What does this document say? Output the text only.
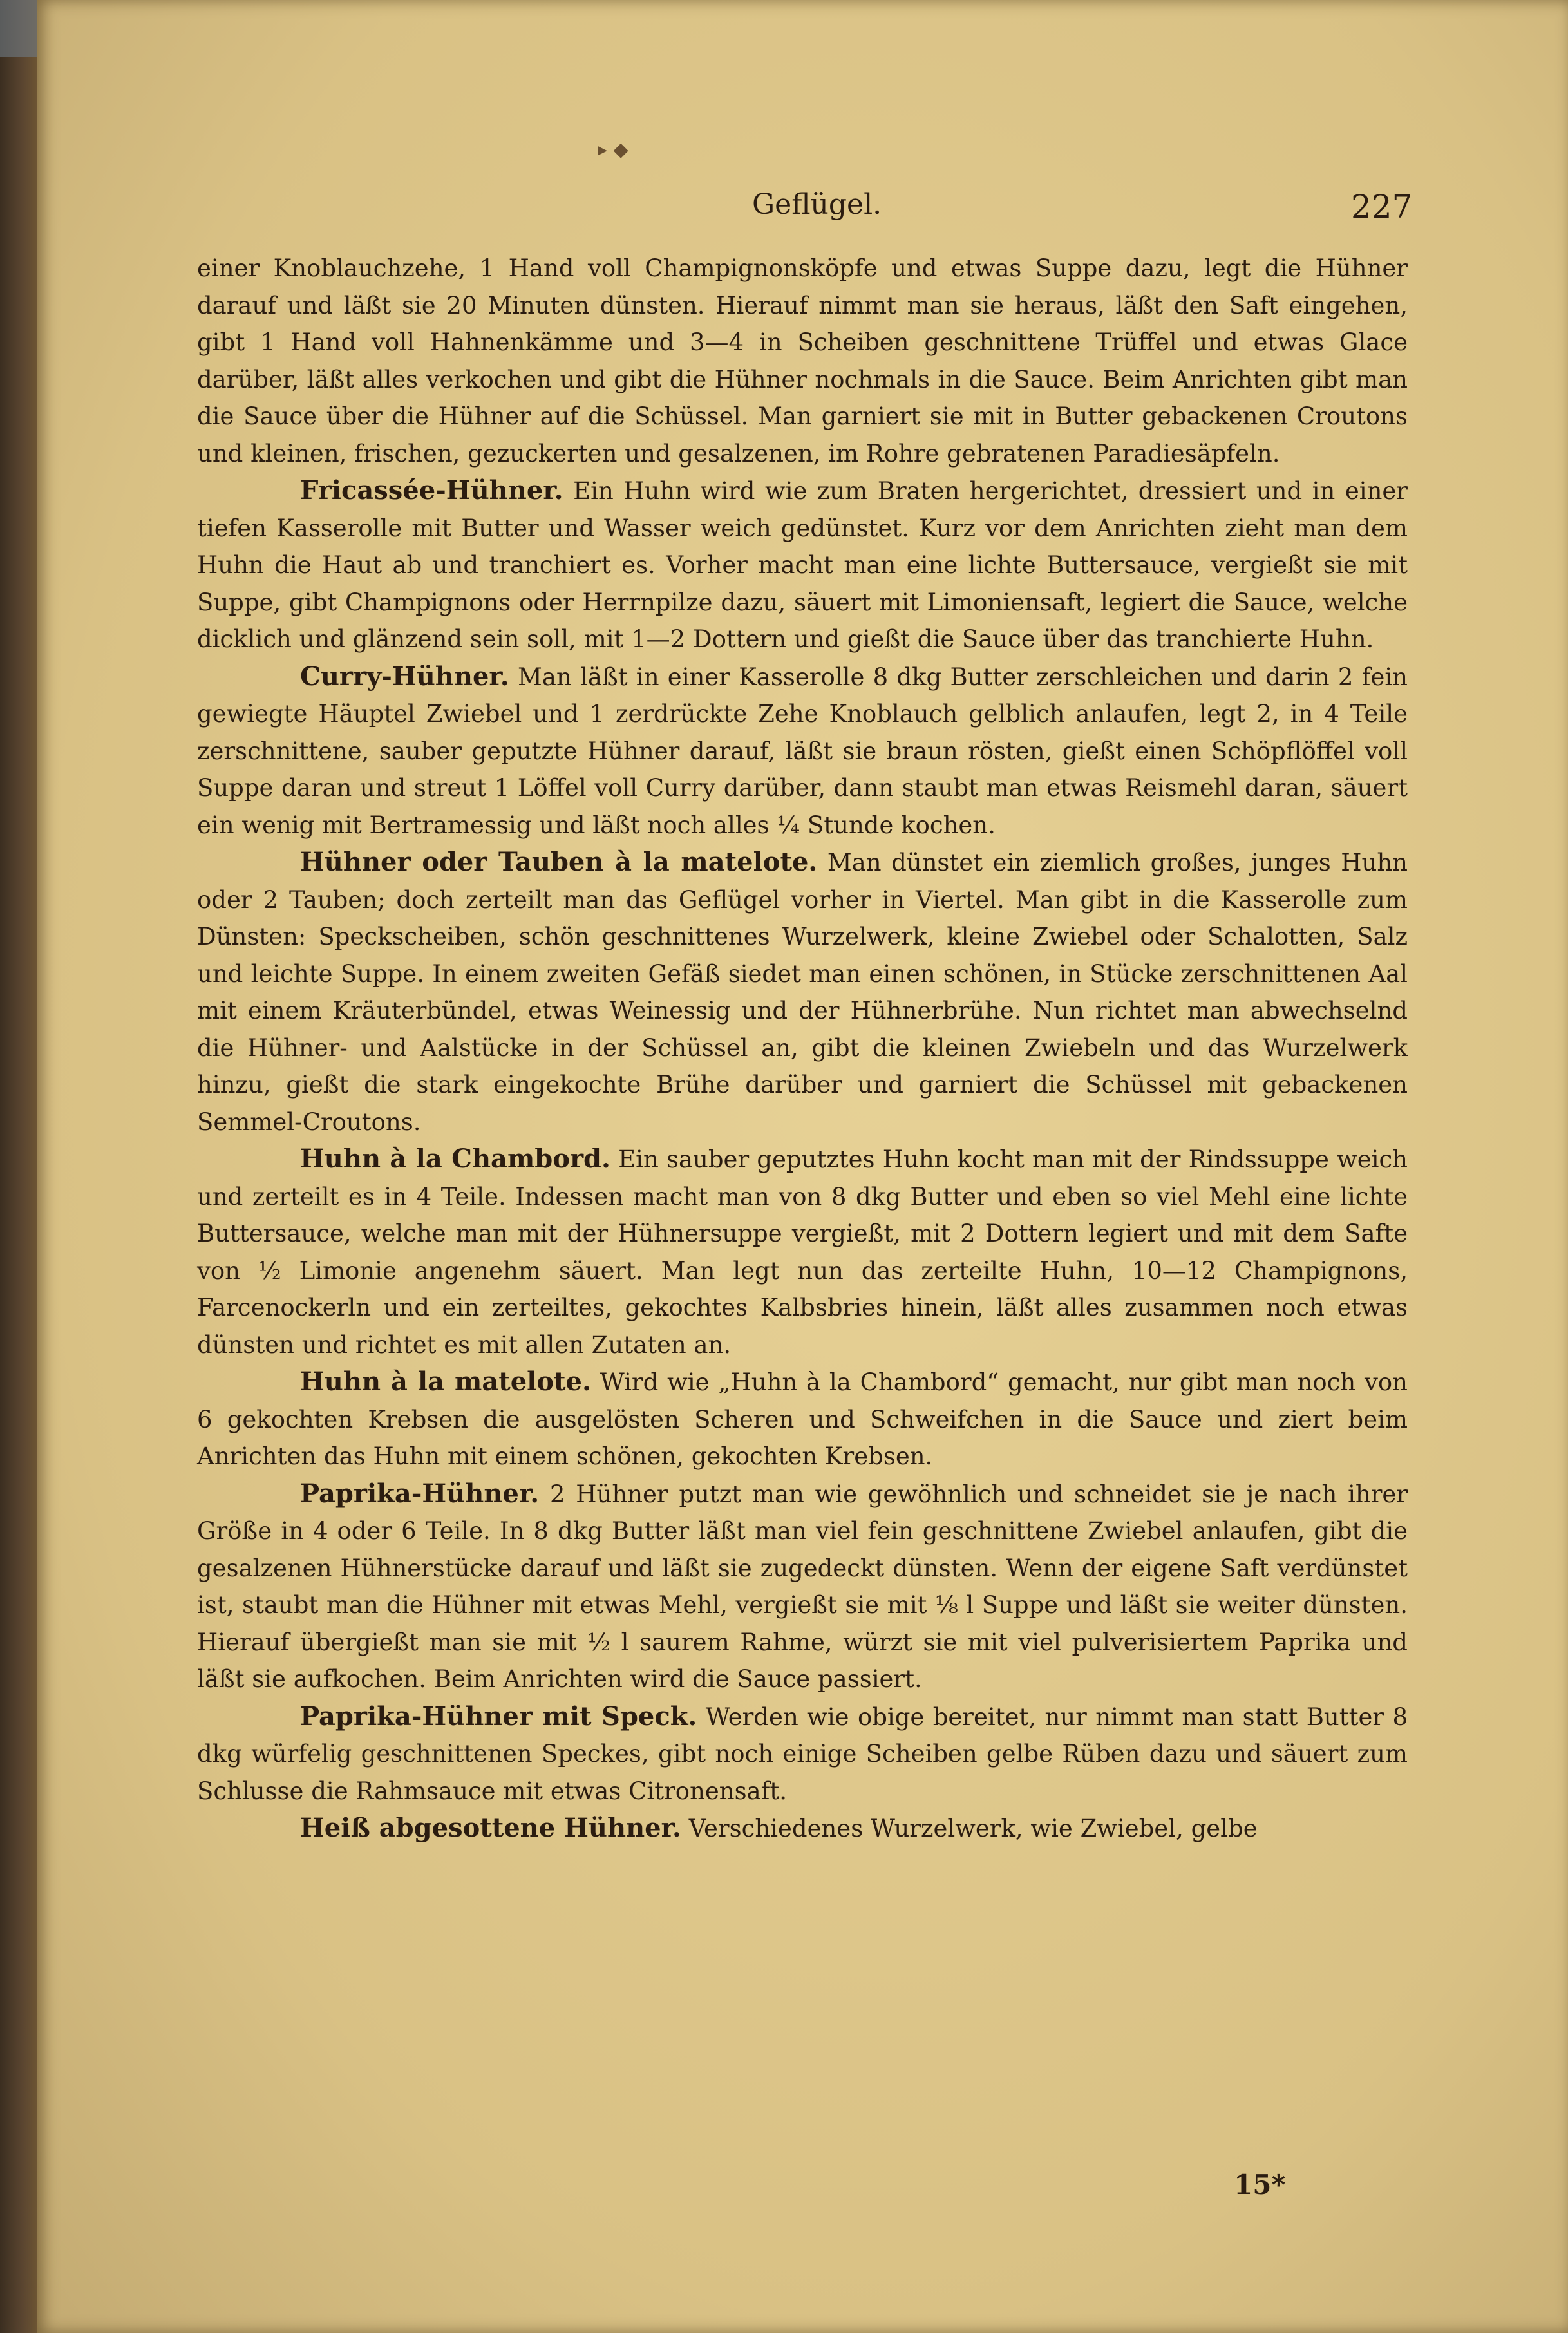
▸ ◆
Geflügel.	227

einer Knoblauchzehe, 1 Hand voll Champignonsköpfe und etwas Suppe dazu, legt die Hühner darauf und läßt sie 20 Minuten dünsten. Hierauf nimmt man sie heraus, läßt den Saft eingehen, gibt 1 Hand voll Hahnenkämme und 3—4 in Scheiben geschnittene Trüffel und etwas Glace darüber, läßt alles verkochen und gibt die Hühner nochmals in die Sauce. Beim Anrichten gibt man die Sauce über die Hühner auf die Schüssel. Man garniert sie mit in Butter gebackenen Croutons und kleinen, frischen, gezuckerten und gesalzenen, im Rohre gebratenen Paradiesäpfeln.

Fricassée-Hühner. Ein Huhn wird wie zum Braten hergerichtet, dressiert und in einer tiefen Kasserolle mit Butter und Wasser weich gedünstet. Kurz vor dem Anrichten zieht man dem Huhn die Haut ab und tranchiert es. Vorher macht man eine lichte Buttersauce, vergießt sie mit Suppe, gibt Champignons oder Herrnpilze dazu, säuert mit Limoniensaft, legiert die Sauce, welche dicklich und glänzend sein soll, mit 1—2 Dottern und gießt die Sauce über das tranchierte Huhn.

Curry-Hühner. Man läßt in einer Kasserolle 8 dkg Butter zerschleichen und darin 2 fein gewiegte Häuptel Zwiebel und 1 zerdrückte Zehe Knoblauch gelblich anlaufen, legt 2, in 4 Teile zerschnittene, sauber geputzte Hühner darauf, läßt sie braun rösten, gießt einen Schöpflöffel voll Suppe daran und streut 1 Löffel voll Curry darüber, dann staubt man etwas Reismehl daran, säuert ein wenig mit Bertramessig und läßt noch alles ¼ Stunde kochen.

Hühner oder Tauben à la matelote. Man dünstet ein ziemlich großes, junges Huhn oder 2 Tauben; doch zerteilt man das Geflügel vorher in Viertel. Man gibt in die Kasserolle zum Dünsten: Speckscheiben, schön geschnittenes Wurzelwerk, kleine Zwiebel oder Schalotten, Salz und leichte Suppe. In einem zweiten Gefäß siedet man einen schönen, in Stücke zerschnittenen Aal mit einem Kräuterbündel, etwas Weinessig und der Hühnerbrühe. Nun richtet man abwechselnd die Hühner- und Aalstücke in der Schüssel an, gibt die kleinen Zwiebeln und das Wurzelwerk hinzu, gießt die stark eingekochte Brühe darüber und garniert die Schüssel mit gebackenen Semmel-Croutons.

Huhn à la Chambord. Ein sauber geputztes Huhn kocht man mit der Rindssuppe weich und zerteilt es in 4 Teile. Indessen macht man von 8 dkg Butter und eben so viel Mehl eine lichte Buttersauce, welche man mit der Hühnersuppe vergießt, mit 2 Dottern legiert und mit dem Safte von ½ Limonie angenehm säuert. Man legt nun das zerteilte Huhn, 10—12 Champignons, Farcenockerln und ein zerteiltes, gekochtes Kalbsbries hinein, läßt alles zusammen noch etwas dünsten und richtet es mit allen Zutaten an.

Huhn à la matelote. Wird wie „Huhn à la Chambord“ gemacht, nur gibt man noch von 6 gekochten Krebsen die ausgelösten Scheren und Schweifchen in die Sauce und ziert beim Anrichten das Huhn mit einem schönen, gekochten Krebsen.

Paprika-Hühner. 2 Hühner putzt man wie gewöhnlich und schneidet sie je nach ihrer Größe in 4 oder 6 Teile. In 8 dkg Butter läßt man viel fein geschnittene Zwiebel anlaufen, gibt die gesalzenen Hühnerstücke darauf und läßt sie zugedeckt dünsten. Wenn der eigene Saft verdünstet ist, staubt man die Hühner mit etwas Mehl, vergießt sie mit ⅛ l Suppe und läßt sie weiter dünsten. Hierauf übergießt man sie mit ½ l saurem Rahme, würzt sie mit viel pulverisiertem Paprika und läßt sie aufkochen. Beim Anrichten wird die Sauce passiert.

Paprika-Hühner mit Speck. Werden wie obige bereitet, nur nimmt man statt Butter 8 dkg würfelig geschnittenen Speckes, gibt noch einige Scheiben gelbe Rüben dazu und säuert zum Schlusse die Rahmsauce mit etwas Citronensaft.

Heiß abgesottene Hühner. Verschiedenes Wurzelwerk, wie Zwiebel, gelbe

15*
